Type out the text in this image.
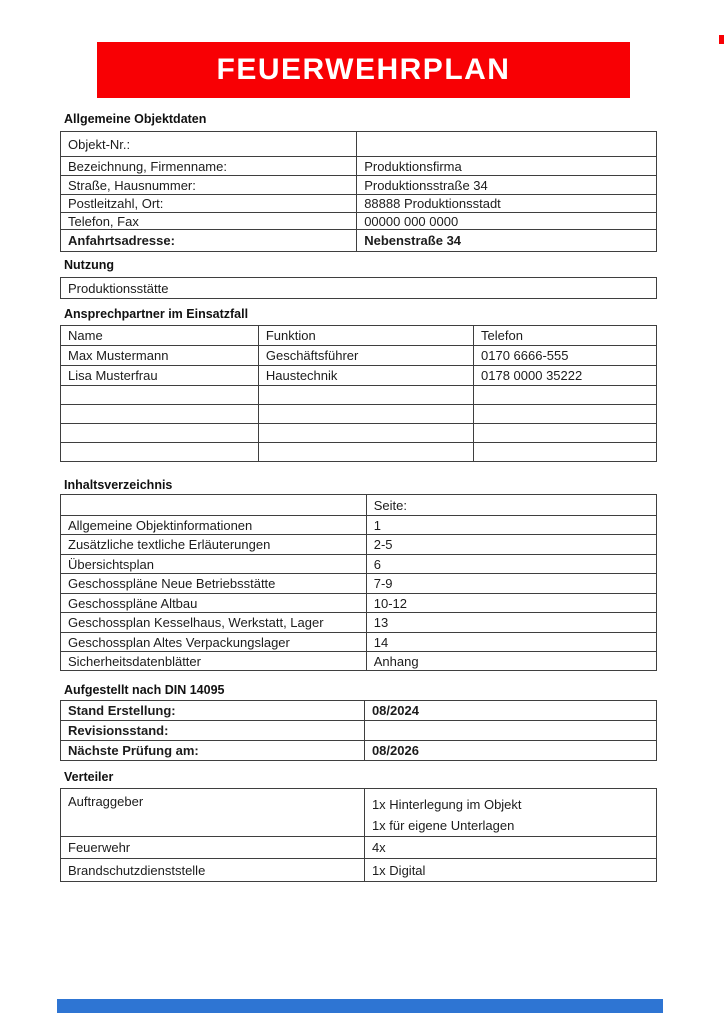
FEUERWEHRPLAN
Allgemeine Objektdaten
Objekt-Nr.:	
Bezeichnung, Firmenname:	Produktionsfirma
Straße, Hausnummer:	Produktionsstraße 34
Postleitzahl, Ort:	88888 Produktionsstadt
Telefon, Fax	00000 000 0000
Anfahrtsadresse:	Nebenstraße 34
Nutzung
Produktionsstätte
Ansprechpartner im Einsatzfall
Name	Funktion	Telefon
Max Mustermann	Geschäftsführer	0170 6666-555
Lisa Musterfrau	Haustechnik	0178 0000 35222

Inhaltsverzeichnis
	Seite:
Allgemeine Objektinformationen	1
Zusätzliche textliche Erläuterungen	2-5
Übersichtsplan	6
Geschosspläne Neue Betriebsstätte	7-9
Geschosspläne Altbau	10-12
Geschossplan Kesselhaus, Werkstatt, Lager	13
Geschossplan Altes Verpackungslager	14
Sicherheitsdatenblätter	Anhang
Aufgestellt nach DIN 14095
Stand Erstellung:	08/2024
Revisionsstand:	
Nächste Prüfung am:	08/2026
Verteiler
Auftraggeber	1x Hinterlegung im Objekt
1x für eigene Unterlagen

Feuerwehr	4x
Brandschutzdienststelle	1x Digital
